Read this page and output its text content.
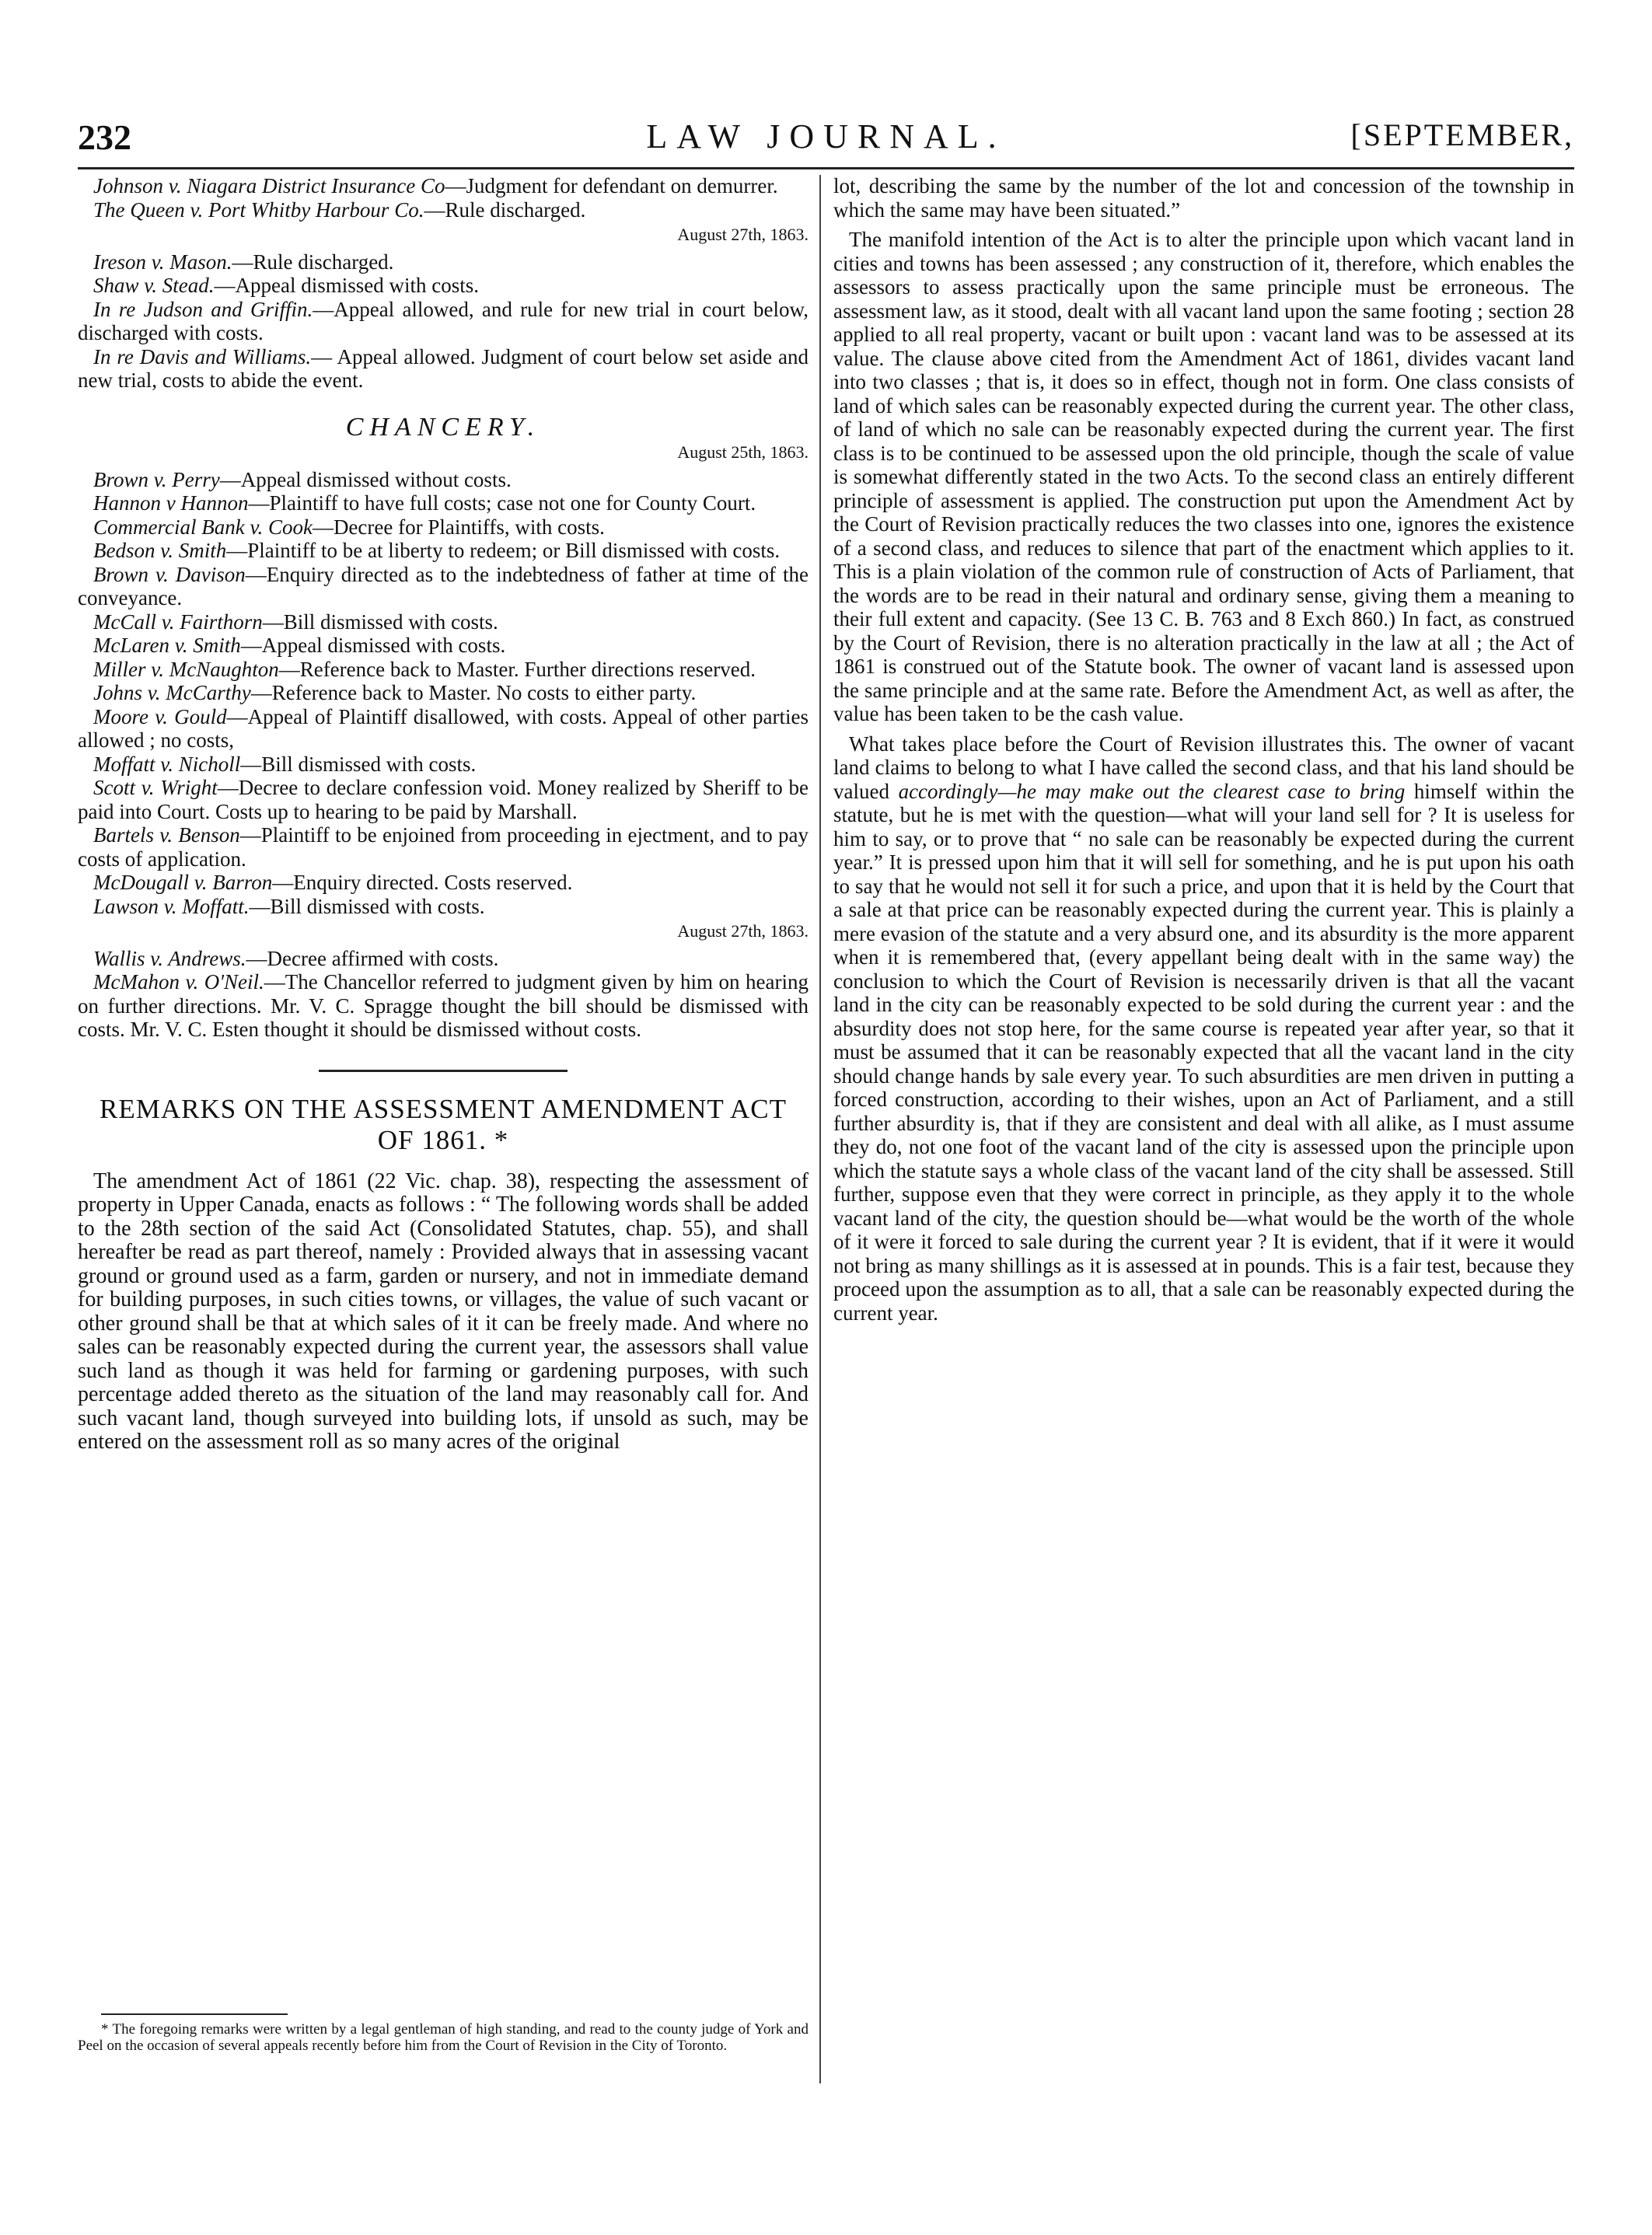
232	LAW JOURNAL.	[SEPTEMBER,

Johnson v. Niagara District Insurance Co—Judgment for defendant on demurrer.

The Queen v. Port Whitby Harbour Co.—Rule discharged.

August 27th, 1863.

Ireson v. Mason.—Rule discharged.

Shaw v. Stead.—Appeal dismissed with costs.

In re Judson and Griffin.—Appeal allowed, and rule for new trial in court below, discharged with costs.

In re Davis and Williams.— Appeal allowed. Judgment of court below set aside and new trial, costs to abide the event.

CHANCERY.
August 25th, 1863.

Brown v. Perry—Appeal dismissed without costs.

Hannon v Hannon—Plaintiff to have full costs; case not one for County Court.

Commercial Bank v. Cook—Decree for Plaintiffs, with costs.

Bedson v. Smith—Plaintiff to be at liberty to redeem; or Bill dismissed with costs.

Brown v. Davison—Enquiry directed as to the indebtedness of father at time of the conveyance.

McCall v. Fairthorn—Bill dismissed with costs.

McLaren v. Smith—Appeal dismissed with costs.

Miller v. McNaughton—Reference back to Master. Further directions reserved.

Johns v. McCarthy—Reference back to Master. No costs to either party.

Moore v. Gould—Appeal of Plaintiff disallowed, with costs. Appeal of other parties allowed ; no costs,

Moffatt v. Nicholl—Bill dismissed with costs.

Scott v. Wright—Decree to declare confession void. Money realized by Sheriff to be paid into Court. Costs up to hearing to be paid by Marshall.

Bartels v. Benson—Plaintiff to be enjoined from proceeding in ejectment, and to pay costs of application.

McDougall v. Barron—Enquiry directed. Costs reserved.

Lawson v. Moffatt.—Bill dismissed with costs.

August 27th, 1863.

Wallis v. Andrews.—Decree affirmed with costs.

McMahon v. O'Neil.—The Chancellor referred to judgment given by him on hearing on further directions. Mr. V. C. Spragge thought the bill should be dismissed with costs. Mr. V. C. Esten thought it should be dismissed without costs.

REMARKS ON THE ASSESSMENT AMENDMENT ACT
OF 1861. *

The amendment Act of 1861 (22 Vic. chap. 38), respecting the assessment of property in Upper Canada, enacts as follows : “ The following words shall be added to the 28th section of the said Act (Consolidated Statutes, chap. 55), and shall hereafter be read as part thereof, namely : Provided always that in assessing vacant ground or ground used as a farm, garden or nursery, and not in immediate demand for building purposes, in such cities towns, or villages, the value of such vacant or other ground shall be that at which sales of it it can be freely made. And where no sales can be reasonably expected during the current year, the assessors shall value such land as though it was held for farming or gardening purposes, with such percentage added thereto as the situation of the land may reasonably call for. And such vacant land, though surveyed into building lots, if unsold as such, may be entered on the assessment roll as so many acres of the original

* The foregoing remarks were written by a legal gentleman of high standing, and read to the county judge of York and Peel on the occasion of several appeals recently before him from the Court of Revision in the City of Toronto.

lot, describing the same by the number of the lot and concession of the township in which the same may have been situated.”

The manifold intention of the Act is to alter the principle upon which vacant land in cities and towns has been assessed ; any construction of it, therefore, which enables the assessors to assess practically upon the same principle must be erroneous. The assessment law, as it stood, dealt with all vacant land upon the same footing ; section 28 applied to all real property, vacant or built upon : vacant land was to be assessed at its value. The clause above cited from the Amendment Act of 1861, divides vacant land into two classes ; that is, it does so in effect, though not in form. One class consists of land of which sales can be reasonably expected during the current year. The other class, of land of which no sale can be reasonably expected during the current year. The first class is to be continued to be assessed upon the old principle, though the scale of value is somewhat differently stated in the two Acts. To the second class an entirely different principle of assessment is applied. The construction put upon the Amendment Act by the Court of Revision practically reduces the two classes into one, ignores the existence of a second class, and reduces to silence that part of the enactment which applies to it. This is a plain violation of the common rule of construction of Acts of Parliament, that the words are to be read in their natural and ordinary sense, giving them a meaning to their full extent and capacity. (See 13 C. B. 763 and 8 Exch 860.) In fact, as construed by the Court of Revision, there is no alteration practically in the law at all ; the Act of 1861 is construed out of the Statute book. The owner of vacant land is assessed upon the same principle and at the same rate. Before the Amendment Act, as well as after, the value has been taken to be the cash value.

What takes place before the Court of Revision illustrates this. The owner of vacant land claims to belong to what I have called the second class, and that his land should be valued accordingly—he may make out the clearest case to bring himself within the statute, but he is met with the question—what will your land sell for ? It is useless for him to say, or to prove that “ no sale can be reasonably be expected during the current year.” It is pressed upon him that it will sell for something, and he is put upon his oath to say that he would not sell it for such a price, and upon that it is held by the Court that a sale at that price can be reasonably expected during the current year. This is plainly a mere evasion of the statute and a very absurd one, and its absurdity is the more apparent when it is remembered that, (every appellant being dealt with in the same way) the conclusion to which the Court of Revision is necessarily driven is that all the vacant land in the city can be reasonably expected to be sold during the current year : and the absurdity does not stop here, for the same course is repeated year after year, so that it must be assumed that it can be reasonably expected that all the vacant land in the city should change hands by sale every year. To such absurdities are men driven in putting a forced construction, according to their wishes, upon an Act of Parliament, and a still further absurdity is, that if they are consistent and deal with all alike, as I must assume they do, not one foot of the vacant land of the city is assessed upon the principle upon which the statute says a whole class of the vacant land of the city shall be assessed. Still further, suppose even that they were correct in principle, as they apply it to the whole vacant land of the city, the question should be—what would be the worth of the whole of it were it forced to sale during the current year ? It is evident, that if it were it would not bring as many shillings as it is assessed at in pounds. This is a fair test, because they proceed upon the assumption as to all, that a sale can be reasonably expected during the current year.
